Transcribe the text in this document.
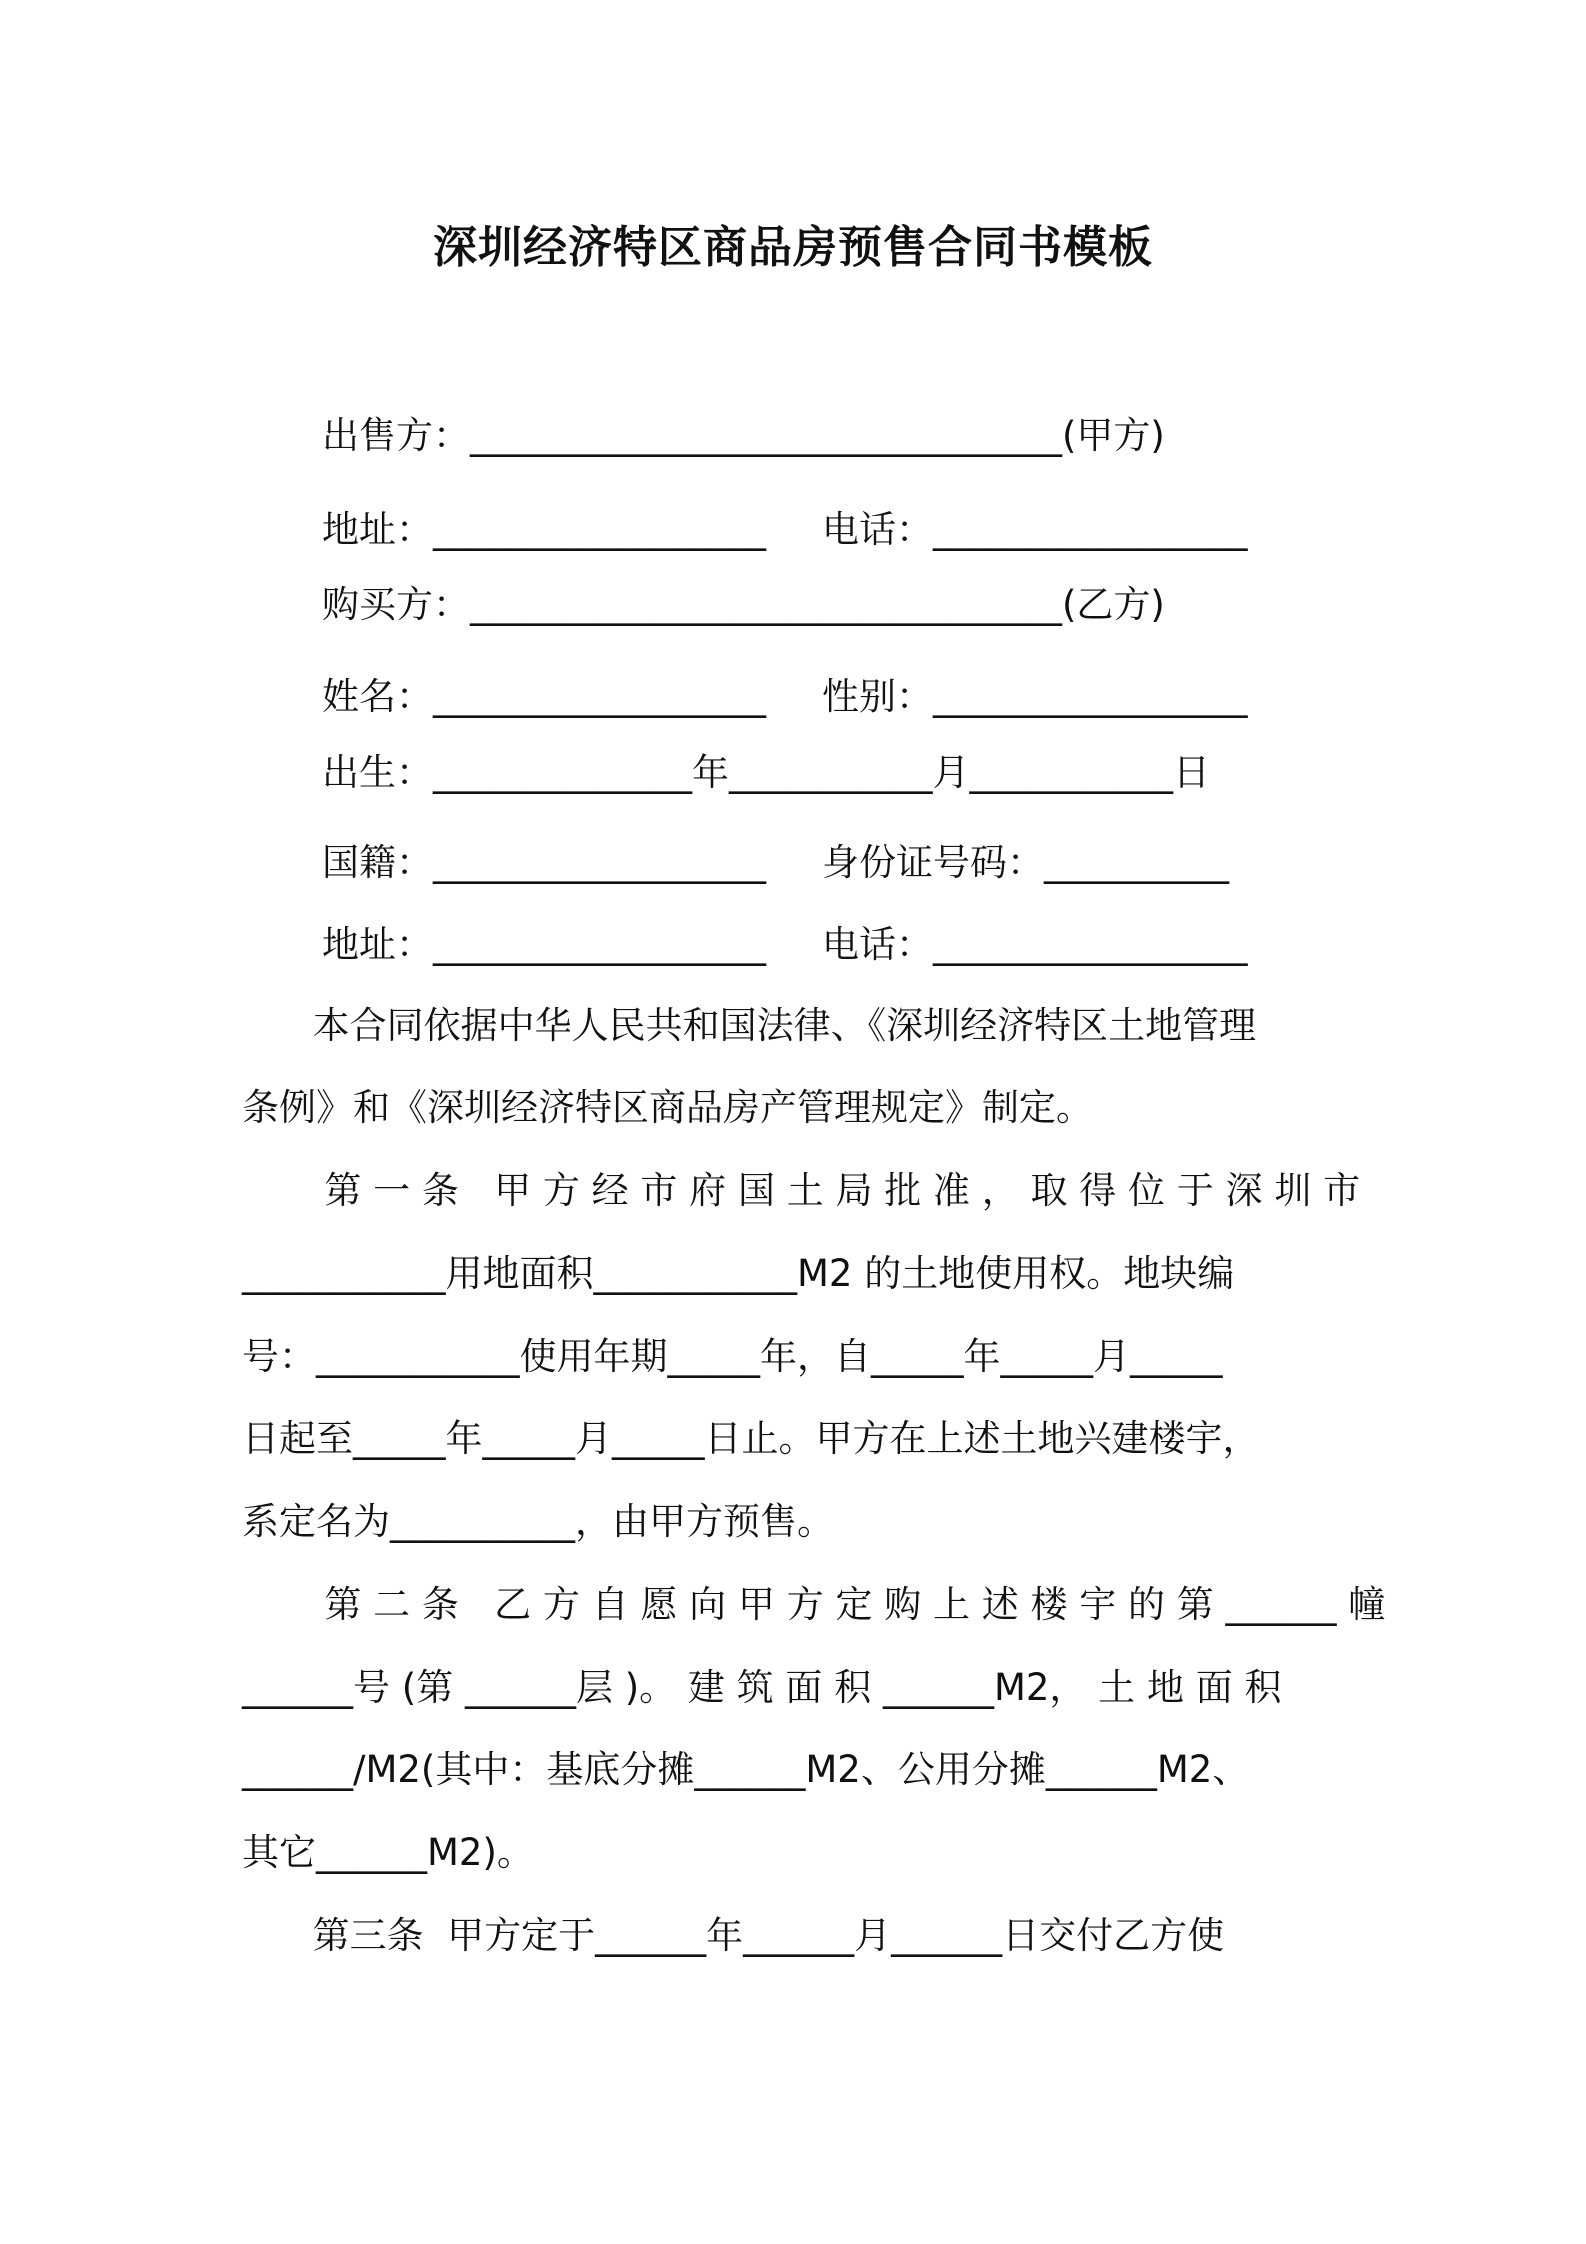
深圳经济特区商品房预售合同书模板
出售方：________________________________(甲方)
地址：__________________ 电话：_________________
购买方：________________________________(乙方)
姓名：__________________ 性别：_________________
出生：______________年___________月___________日
国籍：__________________ 身份证号码：__________
地址：__________________ 电话：_________________
本合同依据中华人民共和国法律、《深圳经济特区土地管理
条例》和《深圳经济特区商品房产管理规定》制定。
第 一 条   甲 方 经 市 府 国 土 局 批 准 ， 取 得 位 于 深 圳 市
___________用地面积___________M2 的土地使用权。地块编
号：___________使用年期_____年，自_____年_____月_____
日起至_____年_____月_____日止。甲方在上述土地兴建楼宇，
系定名为__________，由甲方预售。
第 二 条   乙 方 自 愿 向 甲 方 定 购 上 述 楼 宇 的 第 ______ 幢
______号 (第 ______层 )。 建 筑 面 积 ______M2， 土 地 面 积
______/M2(其中：基底分摊______M2、公用分摊______M2、
其它______M2)。
第三条  甲方定于______年______月______日交付乙方使
